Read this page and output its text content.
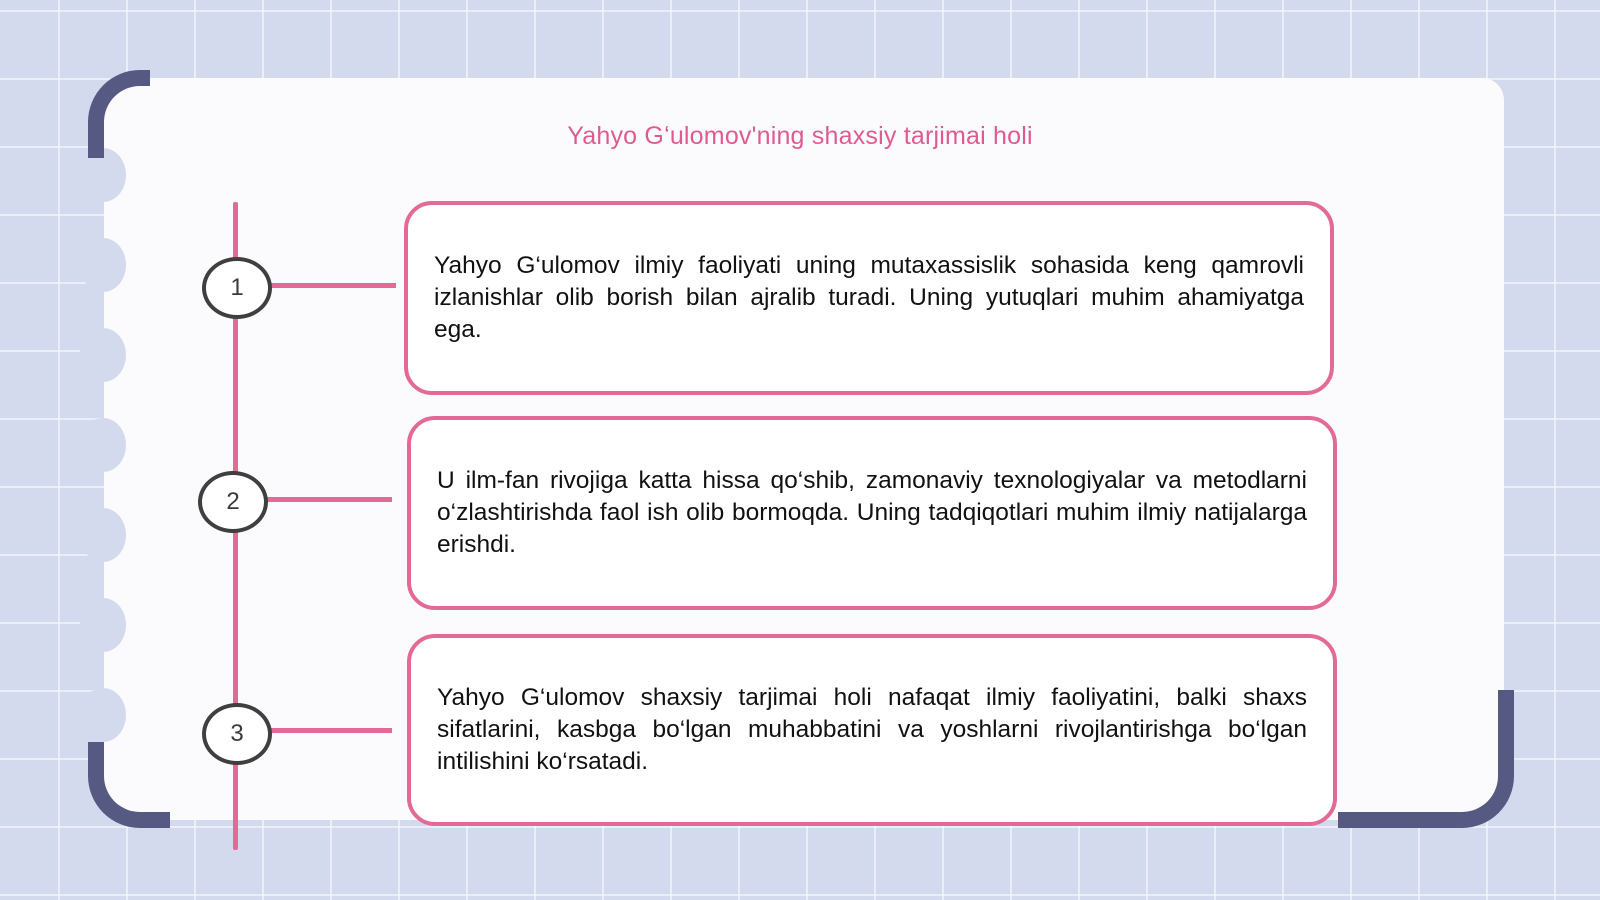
Yahyo Gʻulomov'ning shaxsiy tarjimai holi
1

Yahyo G‘ulomov ilmiy faoliyati uning mutaxassislik sohasida keng qamrovli izlanishlar olib borish bilan ajralib turadi. Uning yutuqlari muhim ahamiyatga ega.

2

U ilm-fan rivojiga katta hissa qo‘shib, zamonaviy texnologiyalar va metodlarni o‘zlashtirishda faol ish olib bormoqda. Uning tadqiqotlari muhim ilmiy natijalarga erishdi.

3

Yahyo G‘ulomov shaxsiy tarjimai holi nafaqat ilmiy faoliyatini, balki shaxs sifatlarini, kasbga bo‘lgan muhabbatini va yoshlarni rivojlantirishga bo‘lgan intilishini ko‘rsatadi.
